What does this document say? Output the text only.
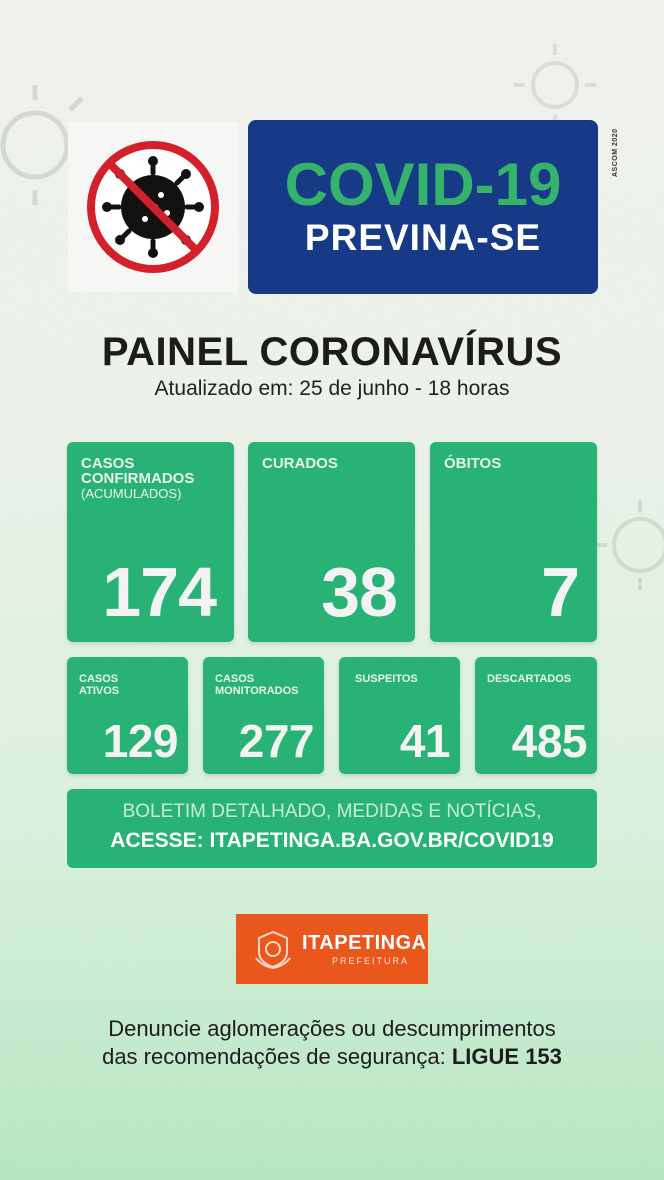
ASCOM 2020
COVID-19
PREVINA-SE
PAINEL CORONAVÍRUS
Atualizado em: 25 de junho - 18 horas
CASOS CONFIRMADOS
(ACUMULADOS)
174
CURADOS
38
ÓBITOS
7
CASOS ATIVOS
129
CASOS MONITORADOS
277
SUSPEITOS
41
DESCARTADOS
485
BOLETIM DETALHADO, MEDIDAS E NOTÍCIAS,
ACESSE: ITAPETINGA.BA.GOV.BR/COVID19
ITAPETINGA
PREFEITURA
Denuncie aglomerações ou descumprimentos
das recomendações de segurança: LIGUE 153
